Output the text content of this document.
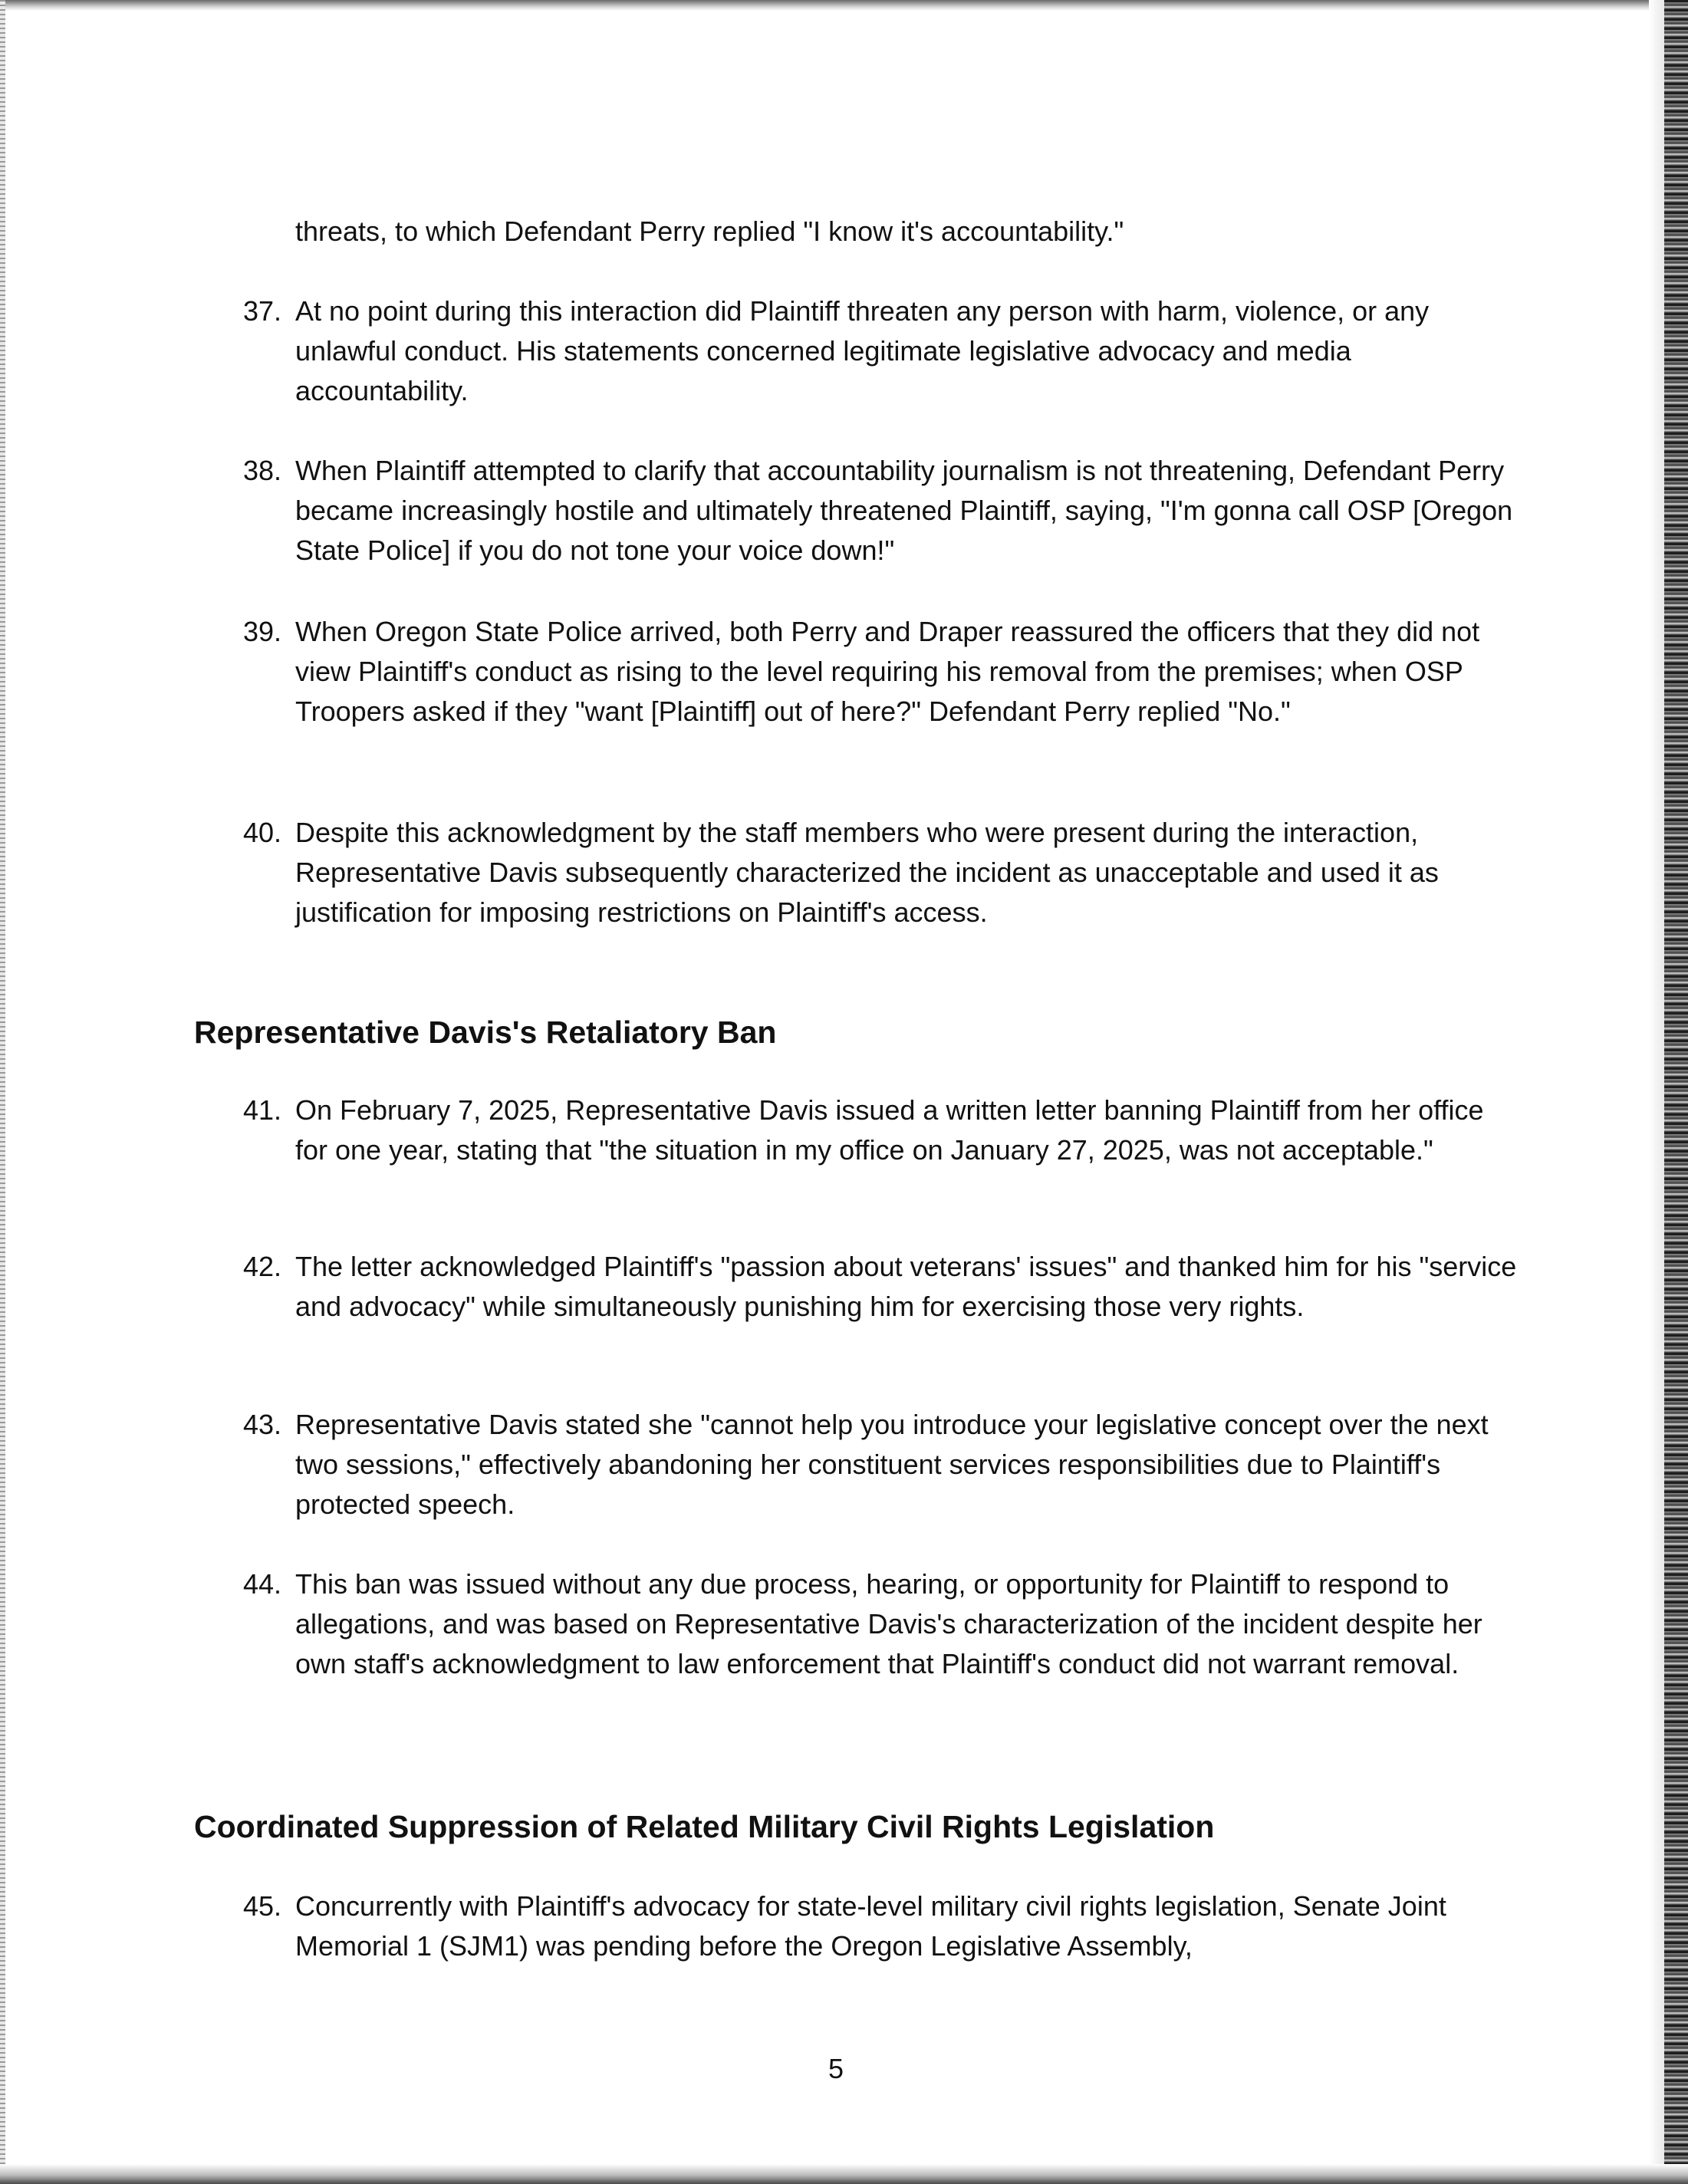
threats, to which Defendant Perry replied "I know it's accountability."
37. At no point during this interaction did Plaintiff threaten any person with harm, violence, or any unlawful conduct. His statements concerned legitimate legislative advocacy and media accountability.
38. When Plaintiff attempted to clarify that accountability journalism is not threatening, Defendant Perry became increasingly hostile and ultimately threatened Plaintiff, saying, "I'm gonna call OSP [Oregon State Police] if you do not tone your voice down!"
39. When Oregon State Police arrived, both Perry and Draper reassured the officers that they did not view Plaintiff's conduct as rising to the level requiring his removal from the premises; when OSP Troopers asked if they "want [Plaintiff] out of here?" Defendant Perry replied "No."
40. Despite this acknowledgment by the staff members who were present during the interaction, Representative Davis subsequently characterized the incident as unacceptable and used it as justification for imposing restrictions on Plaintiff's access.
Representative Davis's Retaliatory Ban
41. On February 7, 2025, Representative Davis issued a written letter banning Plaintiff from her office for one year, stating that "the situation in my office on January 27, 2025, was not acceptable."
42. The letter acknowledged Plaintiff's "passion about veterans' issues" and thanked him for his "service and advocacy" while simultaneously punishing him for exercising those very rights.
43. Representative Davis stated she "cannot help you introduce your legislative concept over the next two sessions," effectively abandoning her constituent services responsibilities due to Plaintiff's protected speech.
44. This ban was issued without any due process, hearing, or opportunity for Plaintiff to respond to allegations, and was based on Representative Davis's characterization of the incident despite her own staff's acknowledgment to law enforcement that Plaintiff's conduct did not warrant removal.
Coordinated Suppression of Related Military Civil Rights Legislation
45. Concurrently with Plaintiff's advocacy for state-level military civil rights legislation, Senate Joint Memorial 1 (SJM1) was pending before the Oregon Legislative Assembly,
5
